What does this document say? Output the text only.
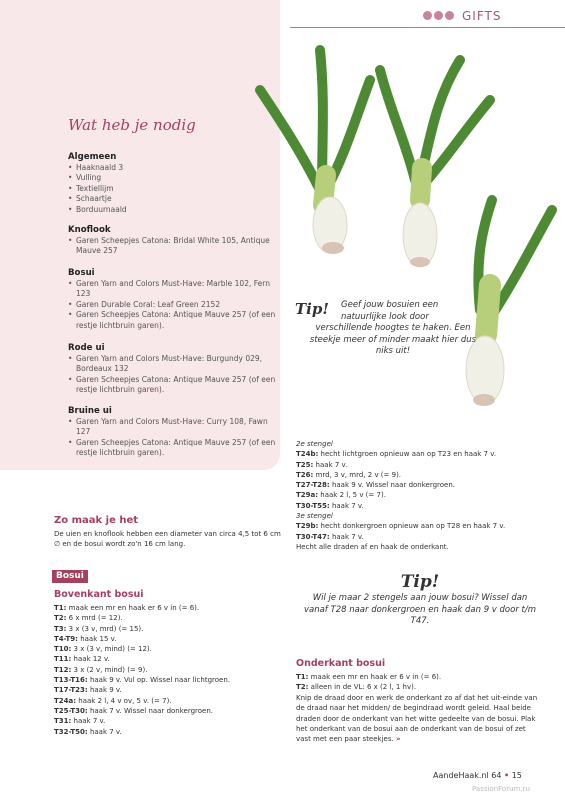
GIFTS
Wat heb je nodig
Algemeen
• Haaknaald 3
• Vulling
• Textiellijm
• Schaartje
• Borduurnaald
Knoflook
• Garen Scheepjes Catona: Bridal White 105, Antique Mauve 257
Bosui
• Garen Yarn and Colors Must-Have: Marble 102, Fern 123
• Garen Durable Coral: Leaf Green 2152
• Garen Scheepjes Catona: Antique Mauve 257 (of een restje lichtbruin garen).
Rode ui
• Garen Yarn and Colors Must-Have: Burgundy 029, Bordeaux 132
• Garen Scheepjes Catona: Antique Mauve 257 (of een restje lichtbruin garen).
Bruine ui
• Garen Yarn and Colors Must-Have: Curry 108, Fawn 127
• Garen Scheepjes Catona: Antique Mauve 257 (of een restje lichtbruin garen).
Tip! Geef jouw bosuien een natuurlijke look door
verschillende hoogtes te haken. Een steekje meer of minder maakt hier dus niks uit!
2e stengel
T24b: hecht lichtgroen opnieuw aan op T23 en haak 7 v.
T25: haak 7 v.
T26: mrd, 3 v, mrd, 2 v (= 9).
T27-T28: haak 9 v. Wissel naar donkergroen.
T29a: haak 2 l, 5 v (= 7).
T30-T55: haak 7 v.
3e stengel
T29b: hecht donkergroen opnieuw aan op T28 en haak 7 v.
T30-T47: haak 7 v.
Hecht alle draden af en haak de onderkant.
Zo maak je het
De uien en knoflook hebben een diameter van circa 4,5 tot 6 cm ∅ en de bosui wordt zo'n 16 cm lang.
Bosui
Bovenkant bosui
T1: maak een mr en haak er 6 v in (= 6).
T2: 6 x mrd (= 12).
T3: 3 x (3 v, mrd) (= 15).
T4-T9: haak 15 v.
T10: 3 x (3 v, mind) (= 12).
T11: haak 12 v.
T12: 3 x (2 v, mind) (= 9).
T13-T16: haak 9 v. Vul op. Wissel naar lichtgroen.
T17-T23: haak 9 v.
T24a: haak 2 l, 4 v ov, 5 v. (= 7).
T25-T30: haak 7 v. Wissel naar donkergroen.
T31: haak 7 v.
T32-T50: haak 7 v.
Tip!
Wil je maar 2 stengels aan jouw bosui? Wissel dan vanaf T28 naar donkergroen en haak dan 9 v door t/m T47.
Onderkant bosui
T1: maak een mr en haak er 6 v in (= 6).
T2: alleen in de VL: 6 x (2 l, 1 hv).
Knip de draad door en werk de onderkant zo af dat het uit-einde van de draad naar het midden/ de begindraad wordt geleid. Haal beide draden door de onderkant van het witte gedeelte van de bosui. Plak het onderkant van de bosui aan de onderkant van de bosui of zet vast met een paar steekjes. »
AandeHaak.nl 64 • 15
PassionForum.ru
